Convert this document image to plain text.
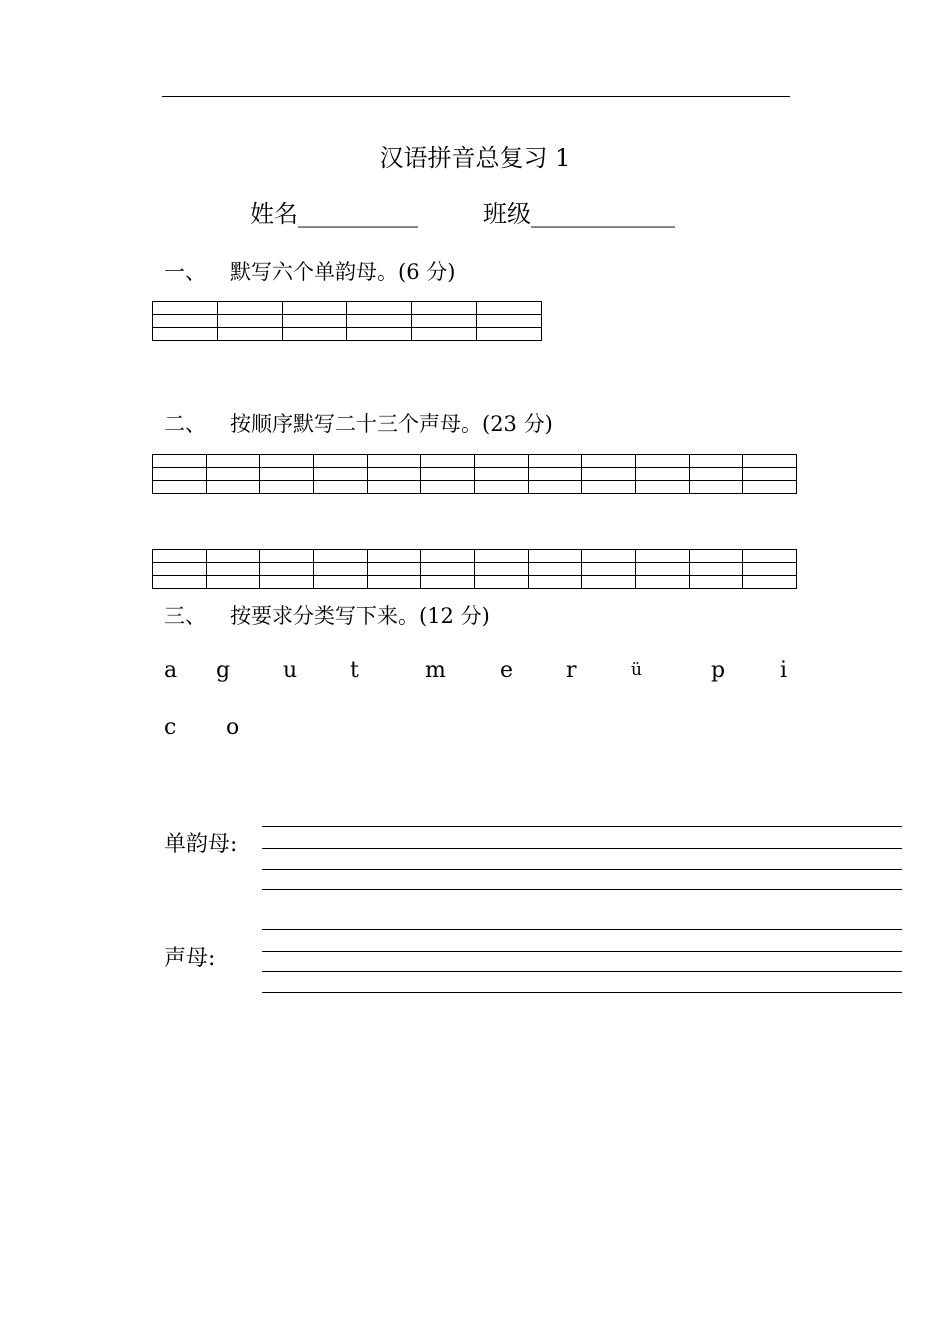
汉语拼音总复习 1
姓名__________	班级____________
一、 默写六个单韵母。(6 分)

二、 按顺序默写二十三个声母。(23 分)

三、 按要求分类写下来。(12 分)
a g u t	m e r	ü	p i
c o
单韵母:
声母:
